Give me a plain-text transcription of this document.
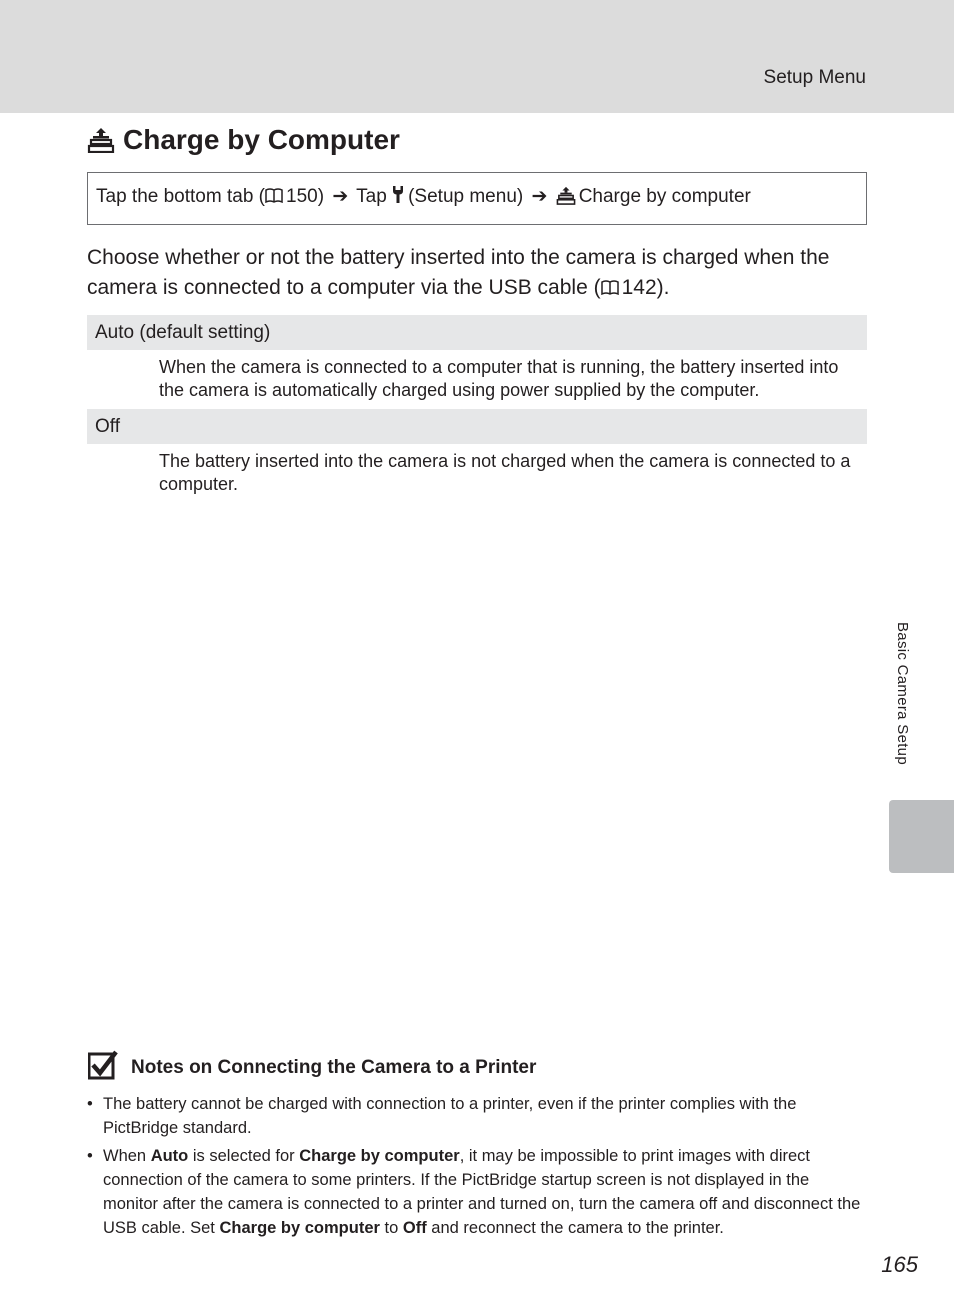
Setup Menu
Charge by Computer
Tap the bottom tab ( 150) ➔ Tap (Setup menu) ➔ Charge by computer
Choose whether or not the battery inserted into the camera is charged when the camera is connected to a computer via the USB cable ( 142).
Auto (default setting)
When the camera is connected to a computer that is running, the battery inserted into the camera is automatically charged using power supplied by the computer.
Off
The battery inserted into the camera is not charged when the camera is connected to a computer.
Basic Camera Setup
Notes on Connecting the Camera to a Printer
• The battery cannot be charged with connection to a printer, even if the printer complies with the PictBridge standard.
• When Auto is selected for Charge by computer, it may be impossible to print images with direct connection of the camera to some printers. If the PictBridge startup screen is not displayed in the monitor after the camera is connected to a printer and turned on, turn the camera off and disconnect the USB cable. Set Charge by computer to Off and reconnect the camera to the printer.
165
